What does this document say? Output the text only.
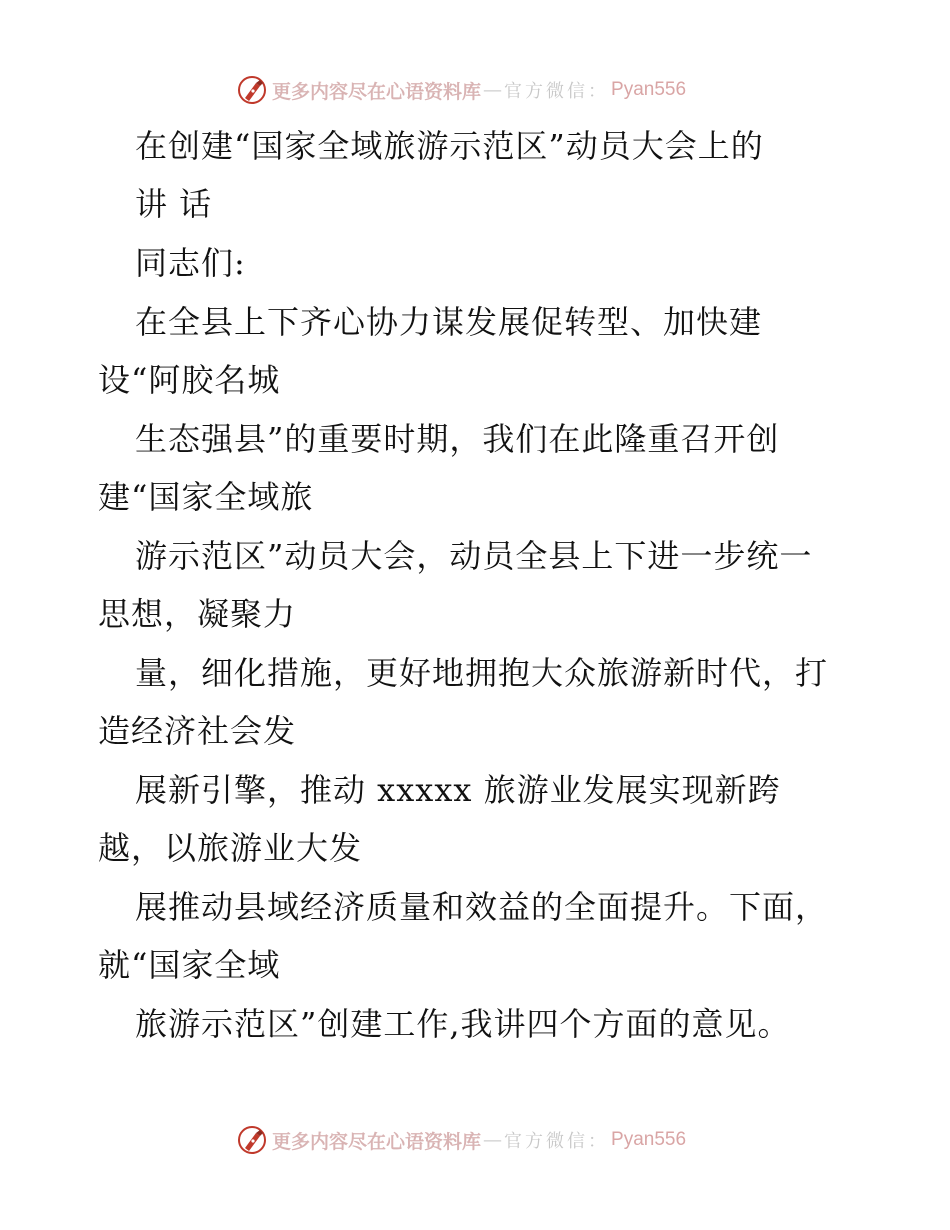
更多内容尽在心语资料库 — 官方微信： Pyan556
在创建“国家全域旅游示范区”动员大会上的
讲 话
同志们:
在全县上下齐心协力谋发展促转型、加快建
设“阿胶名城
生态强县”的重要时期，我们在此隆重召开创
建“国家全域旅
游示范区”动员大会，动员全县上下进一步统一
思想，凝聚力
量，细化措施，更好地拥抱大众旅游新时代，打
造经济社会发
展新引擎，推动 xxxxx 旅游业发展实现新跨
越，以旅游业大发
展推动县域经济质量和效益的全面提升。下面，
就“国家全域
旅游示范区”创建工作,我讲四个方面的意见。
更多内容尽在心语资料库 — 官方微信： Pyan556
